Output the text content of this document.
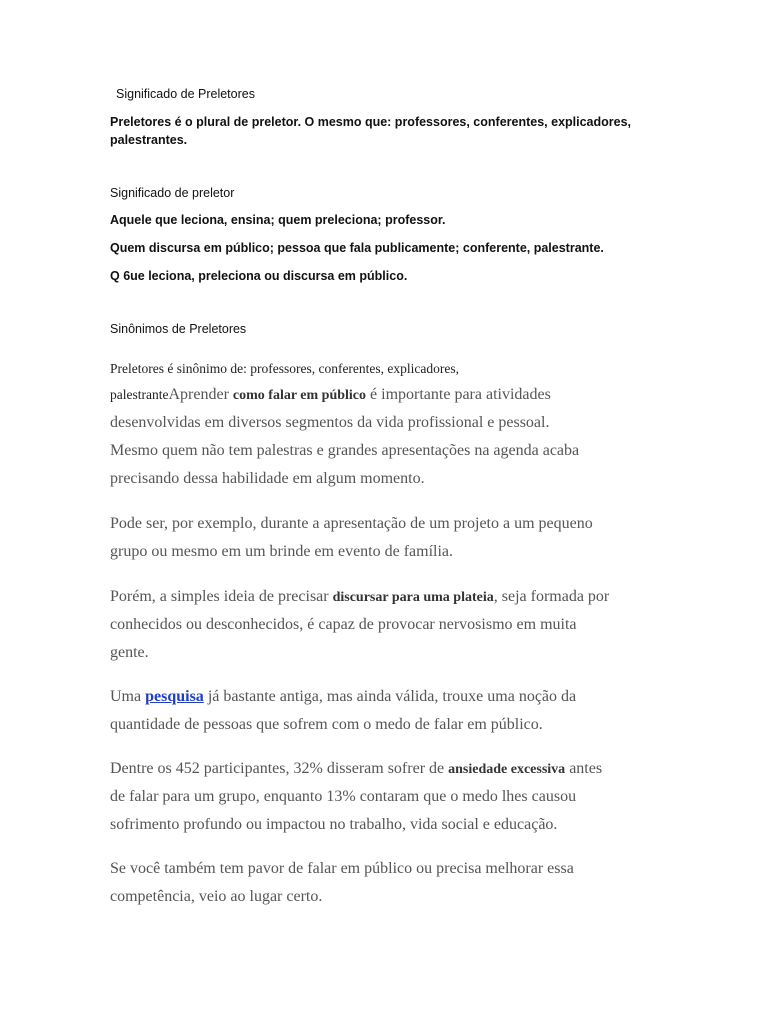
Significado de Preletores
Preletores é o plural de preletor. O mesmo que: professores, conferentes, explicadores,
palestrantes.
Significado de preletor
Aquele que leciona, ensina; quem preleciona; professor.
Quem discursa em público; pessoa que fala publicamente; conferente, palestrante.
Q 6ue leciona, preleciona ou discursa em público.
Sinônimos de Preletores
Preletores é sinônimo de: professores, conferentes, explicadores,
palestranteAprender como falar em público é importante para atividades
desenvolvidas em diversos segmentos da vida profissional e pessoal.
Mesmo quem não tem palestras e grandes apresentações na agenda acaba
precisando dessa habilidade em algum momento.
Pode ser, por exemplo, durante a apresentação de um projeto a um pequeno
grupo ou mesmo em um brinde em evento de família.
Porém, a simples ideia de precisar discursar para uma plateia, seja formada por
conhecidos ou desconhecidos, é capaz de provocar nervosismo em muita
gente.
Uma pesquisa já bastante antiga, mas ainda válida, trouxe uma noção da
quantidade de pessoas que sofrem com o medo de falar em público.
Dentre os 452 participantes, 32% disseram sofrer de ansiedade excessiva antes
de falar para um grupo, enquanto 13% contaram que o medo lhes causou
sofrimento profundo ou impactou no trabalho, vida social e educação.
Se você também tem pavor de falar em público ou precisa melhorar essa
competência, veio ao lugar certo.
